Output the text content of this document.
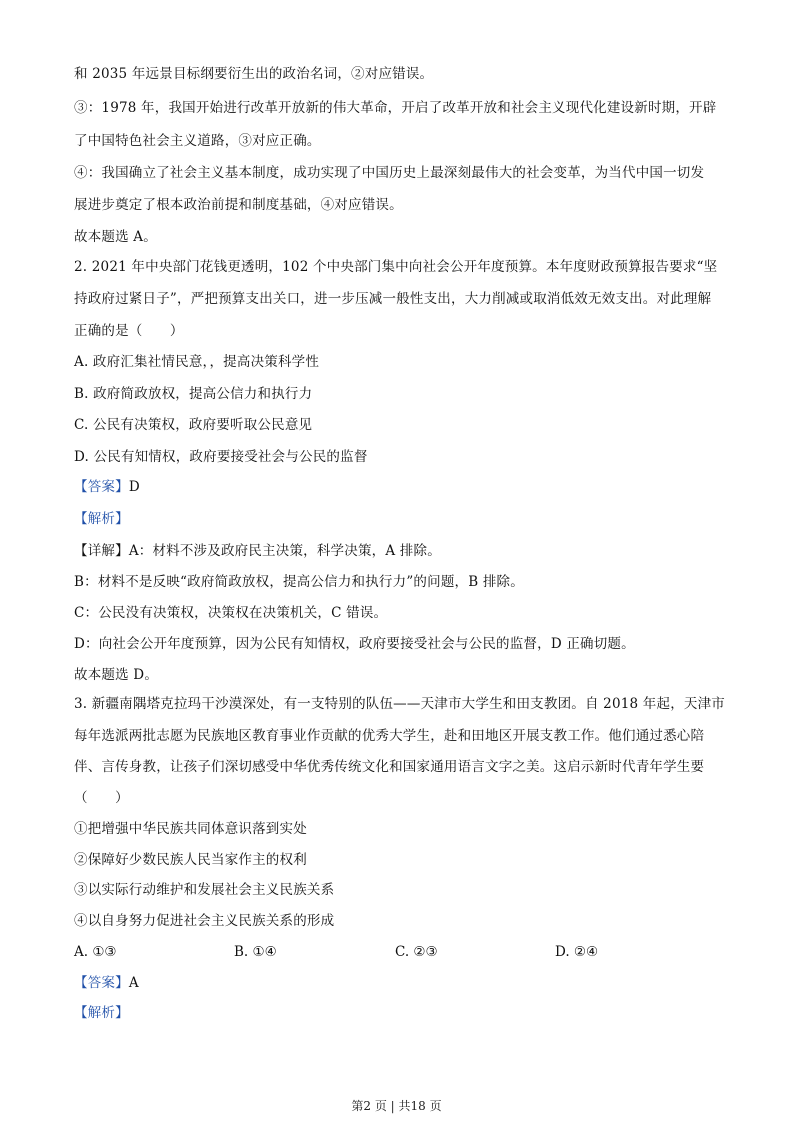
和 2035 年远景目标纲要衍生出的政治名词，②对应错误。
③：1978 年，我国开始进行改革开放新的伟大革命，开启了改革开放和社会主义现代化建设新时期，开辟
了中国特色社会主义道路，③对应正确。
④：我国确立了社会主义基本制度，成功实现了中国历史上最深刻最伟大的社会变革，为当代中国一切发
展进步奠定了根本政治前提和制度基础，④对应错误。
故本题选 A。
2. 2021 年中央部门花钱更透明，102 个中央部门集中向社会公开年度预算。本年度财政预算报告要求“坚
持政府过紧日子”，严把预算支出关口，进一步压减一般性支出，大力削减或取消低效无效支出。对此理解
正确的是（　　）
A. 政府汇集社情民意，，提高决策科学性
B. 政府简政放权，提高公信力和执行力
C. 公民有决策权，政府要听取公民意见
D. 公民有知情权，政府要接受社会与公民的监督
【答案】D
【解析】
【详解】A：材料不涉及政府民主决策，科学决策，A 排除。
B：材料不是反映“政府简政放权，提高公信力和执行力”的问题，B 排除。
C：公民没有决策权，决策权在决策机关，C 错误。
D：向社会公开年度预算，因为公民有知情权，政府要接受社会与公民的监督，D 正确切题。
故本题选 D。
3. 新疆南隅塔克拉玛干沙漠深处，有一支特别的队伍——天津市大学生和田支教团。自 2018 年起，天津市
每年选派两批志愿为民族地区教育事业作贡献的优秀大学生，赴和田地区开展支教工作。他们通过悉心陪
伴、言传身教，让孩子们深切感受中华优秀传统文化和国家通用语言文字之美。这启示新时代青年学生要
（　　）
①把增强中华民族共同体意识落到实处
②保障好少数民族人民当家作主的权利
③以实际行动维护和发展社会主义民族关系
④以自身努力促进社会主义民族关系的形成
A. ①③	B. ①④	C. ②③	D. ②④
【答案】A
【解析】
第2 页 | 共18 页
